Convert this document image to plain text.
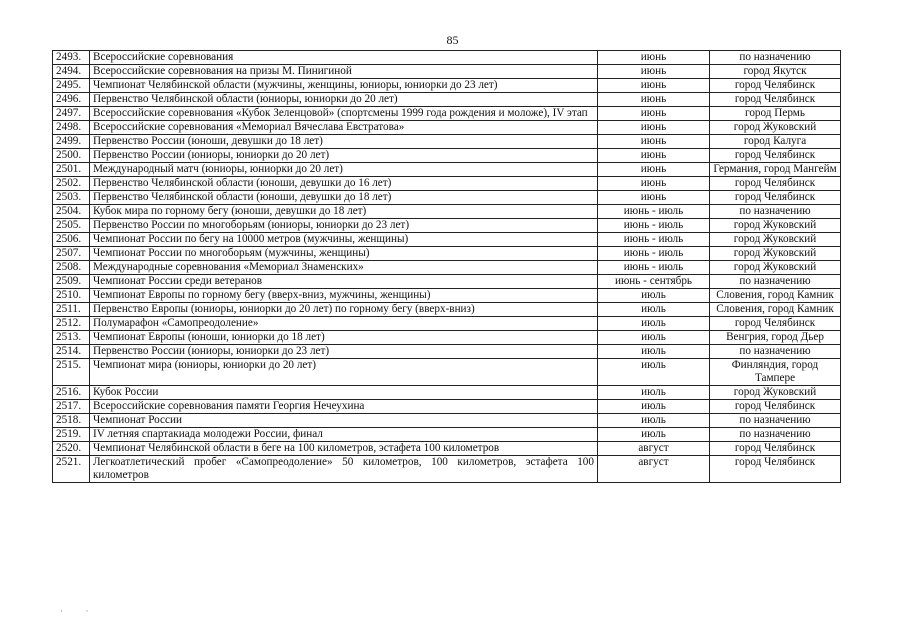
85
2493.	Всероссийские соревнования	июнь	по назначению
2494.	Всероссийские соревнования на призы М. Пинигиной	июнь	город Якутск
2495.	Чемпионат Челябинской области (мужчины, женщины, юниоры, юниорки до 23 лет)	июнь	город Челябинск
2496.	Первенство Челябинской области (юниоры, юниорки до 20 лет)	июнь	город Челябинск
2497.	Всероссийские соревнования «Кубок Зеленцовой» (спортсмены 1999 года рождения и моложе), IV этап	июнь	город Пермь
2498.	Всероссийские соревнования «Мемориал Вячеслава Евстратова»	июнь	город Жуковский
2499.	Первенство России (юноши, девушки до 18 лет)	июнь	город Калуга
2500.	Первенство России (юниоры, юниорки до 20 лет)	июнь	город Челябинск
2501.	Международный матч (юниоры, юниорки до 20 лет)	июнь	Германия, город Мангейм
2502.	Первенство Челябинской области (юноши, девушки до 16 лет)	июнь	город Челябинск
2503.	Первенство Челябинской области (юноши, девушки до 18 лет)	июнь	город Челябинск
2504.	Кубок мира по горному бегу (юноши, девушки до 18 лет)	июнь - июль	по назначению
2505.	Первенство России по многоборьям (юниоры, юниорки до 23 лет)	июнь - июль	город Жуковский
2506.	Чемпионат России по бегу на 10000 метров (мужчины, женщины)	июнь - июль	город Жуковский
2507.	Чемпионат России по многоборьям (мужчины, женщины)	июнь - июль	город Жуковский
2508.	Международные соревнования «Мемориал Знаменских»	июнь - июль	город Жуковский
2509.	Чемпионат России среди ветеранов	июнь - сентябрь	по назначению
2510.	Чемпионат Европы по горному бегу (вверх-вниз, мужчины, женщины)	июль	Словения, город Камник
2511.	Первенство Европы (юниоры, юниорки до 20 лет) по горному бегу (вверх-вниз)	июль	Словения, город Камник
2512.	Полумарафон «Самопреодоление»	июль	город Челябинск
2513.	Чемпионат Европы (юноши, юниорки до 18 лет)	июль	Венгрия, город Дьер
2514.	Первенство России (юниоры, юниорки до 23 лет)	июль	по назначению
2515.	Чемпионат мира (юниоры, юниорки до 20 лет)	июль	Финляндия, город Тампере
2516.	Кубок России	июль	город Жуковский
2517.	Всероссийские соревнования памяти Георгия Нечеухина	июль	город Челябинск
2518.	Чемпионат России	июль	по назначению
2519.	IV летняя спартакиада молодежи России, финал	июль	по назначению
2520.	Чемпионат Челябинской области в беге на 100 километров, эстафета 100 километров	август	город Челябинск
2521.	Легкоатлетический пробег «Самопреодоление» 50 километров, 100 километров, эстафета 100 километров	август	город Челябинск
·          ·
